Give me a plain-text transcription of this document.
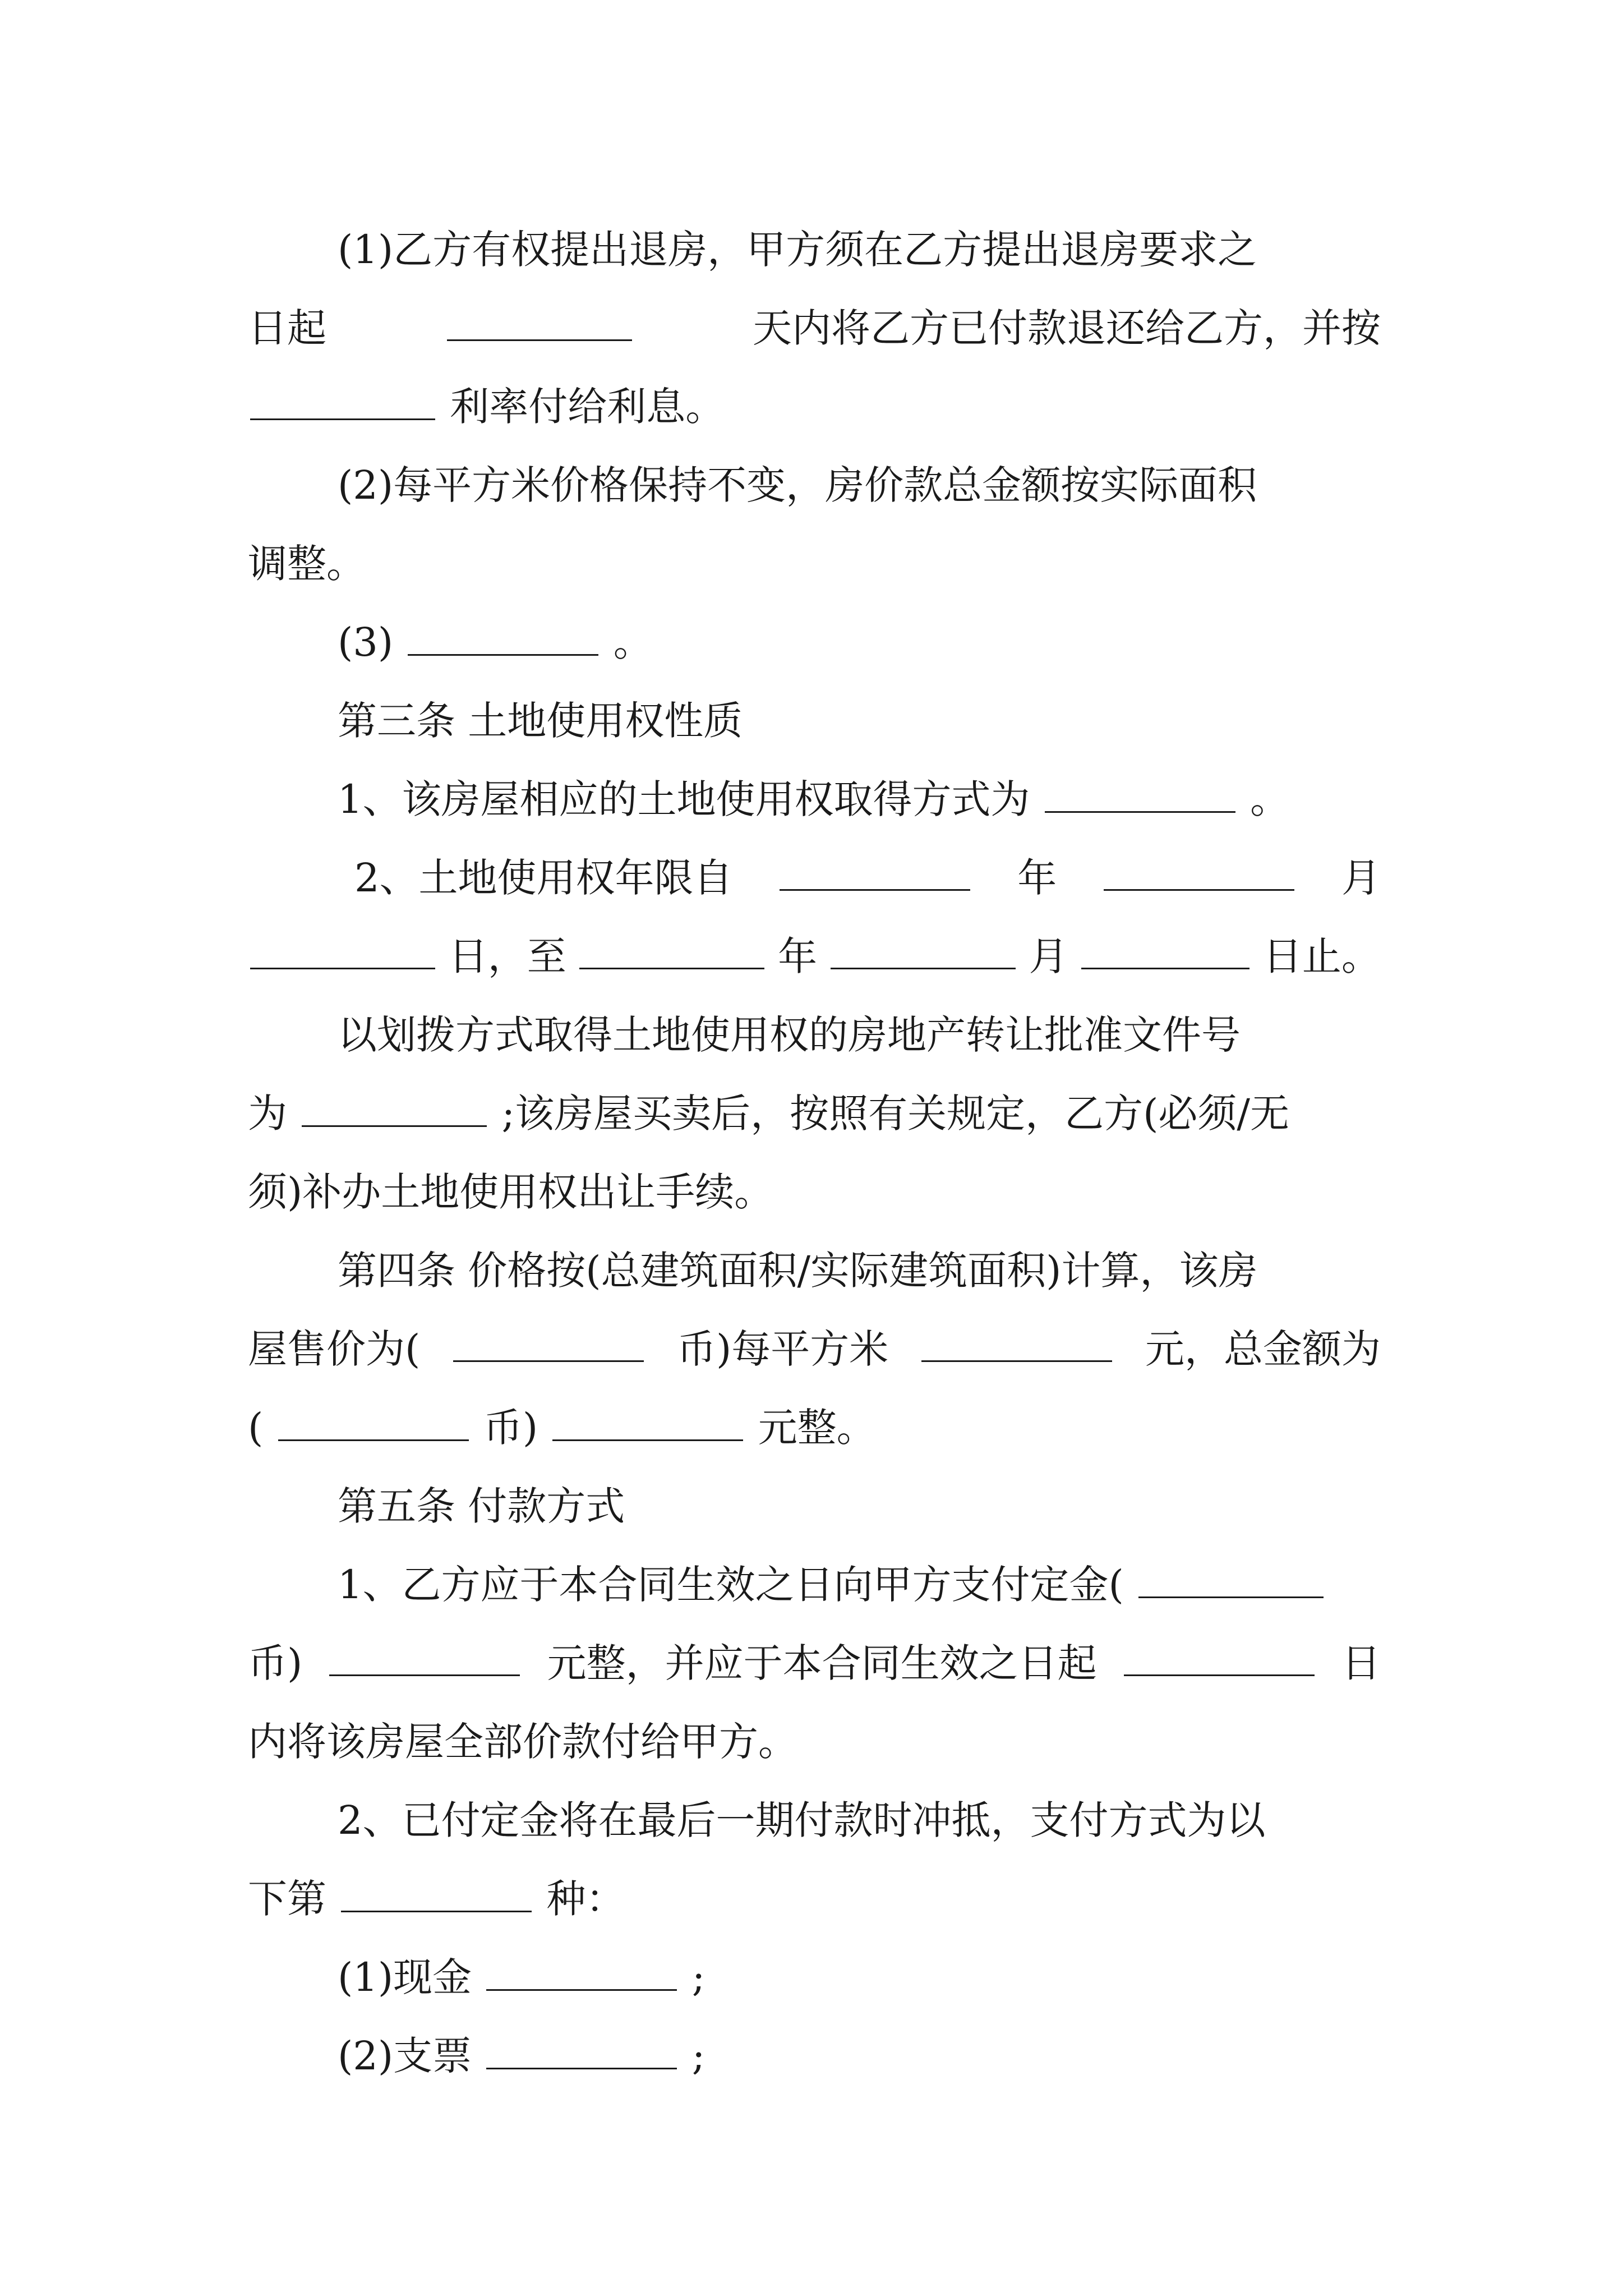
(1)乙方有权提出退房，甲方须在乙方提出退房要求之
日起	天内将乙方已付款退还给乙方，并按
利率付给利息。
(2)每平方米价格保持不变，房价款总金额按实际面积
调整。
(3)	。
第三条 土地使用权性质
1、该房屋相应的土地使用权取得方式为	。
2、土地使用权年限自	年	月
日，至	年	月	日止。
以划拨方式取得土地使用权的房地产转让批准文件号
为	;该房屋买卖后，按照有关规定，乙方(必须/无
须)补办土地使用权出让手续。
第四条 价格按(总建筑面积/实际建筑面积)计算，该房
屋售价为(	币)每平方米	元，总金额为
(	币)	元整。
第五条 付款方式
1、乙方应于本合同生效之日向甲方支付定金(
币)	元整，并应于本合同生效之日起	日
内将该房屋全部价款付给甲方。
2、已付定金将在最后一期付款时冲抵，支付方式为以
下第	种：
(1)现金	;
(2)支票	;
